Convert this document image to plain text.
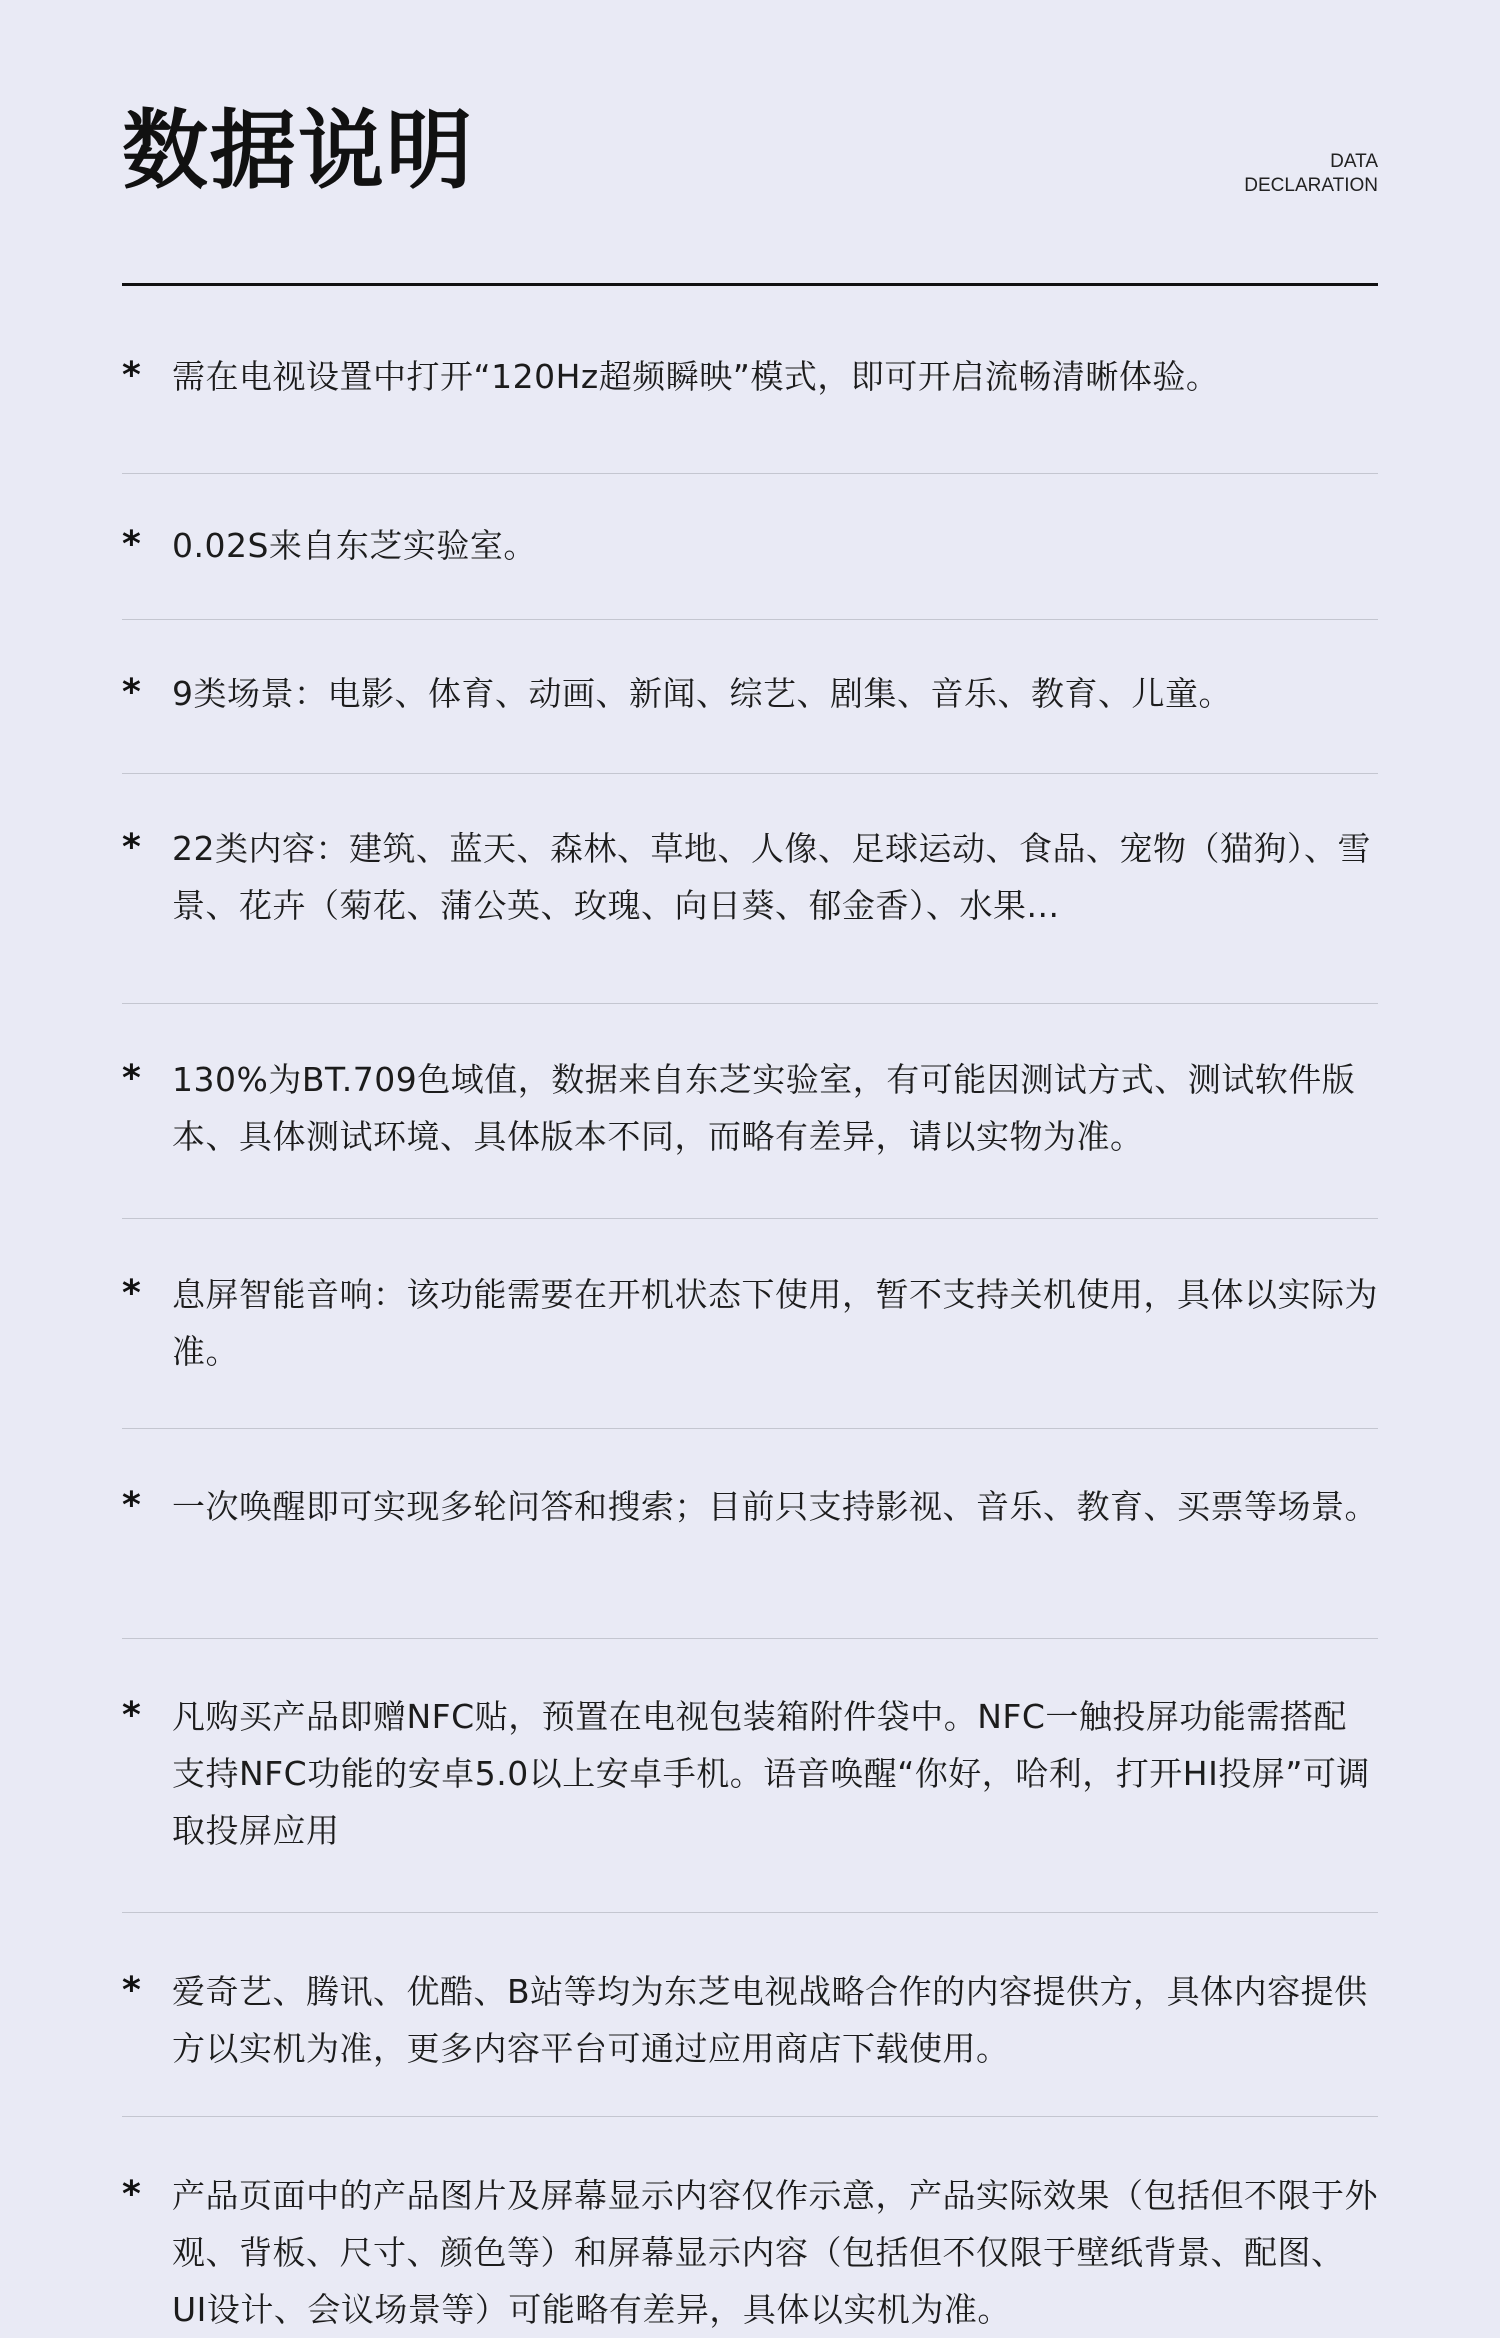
数据说明	DATA
DECLARATION
* 需在电视设置中打开“120Hz超频瞬映”模式，即可开启流畅清晰体验。
* 0.02S来自东芝实验室。
* 9类场景：电影、体育、动画、新闻、综艺、剧集、音乐、教育、儿童。
* 22类内容：建筑、蓝天、森林、草地、人像、足球运动、食品、宠物（猫狗）、雪景、花卉（菊花、蒲公英、玫瑰、向日葵、郁金香）、水果...
* 130%为BT.709色域值，数据来自东芝实验室，有可能因测试方式、测试软件版本、具体测试环境、具体版本不同，而略有差异，请以实物为准。
* 息屏智能音响：该功能需要在开机状态下使用，暂不支持关机使用，具体以实际为准。
* 一次唤醒即可实现多轮问答和搜索；目前只支持影视、音乐、教育、买票等场景。
* 凡购买产品即赠NFC贴，预置在电视包装箱附件袋中。NFC一触投屏功能需搭配支持NFC功能的安卓5.0以上安卓手机。语音唤醒“你好，哈利，打开HI投屏”可调取投屏应用
* 爱奇艺、腾讯、优酷、B站等均为东芝电视战略合作的内容提供方，具体内容提供方以实机为准，更多内容平台可通过应用商店下载使用。
* 产品页面中的产品图片及屏幕显示内容仅作示意，产品实际效果（包括但不限于外观、背板、尺寸、颜色等）和屏幕显示内容（包括但不仅限于壁纸背景、配图、UI设计、会议场景等）可能略有差异，具体以实机为准。
